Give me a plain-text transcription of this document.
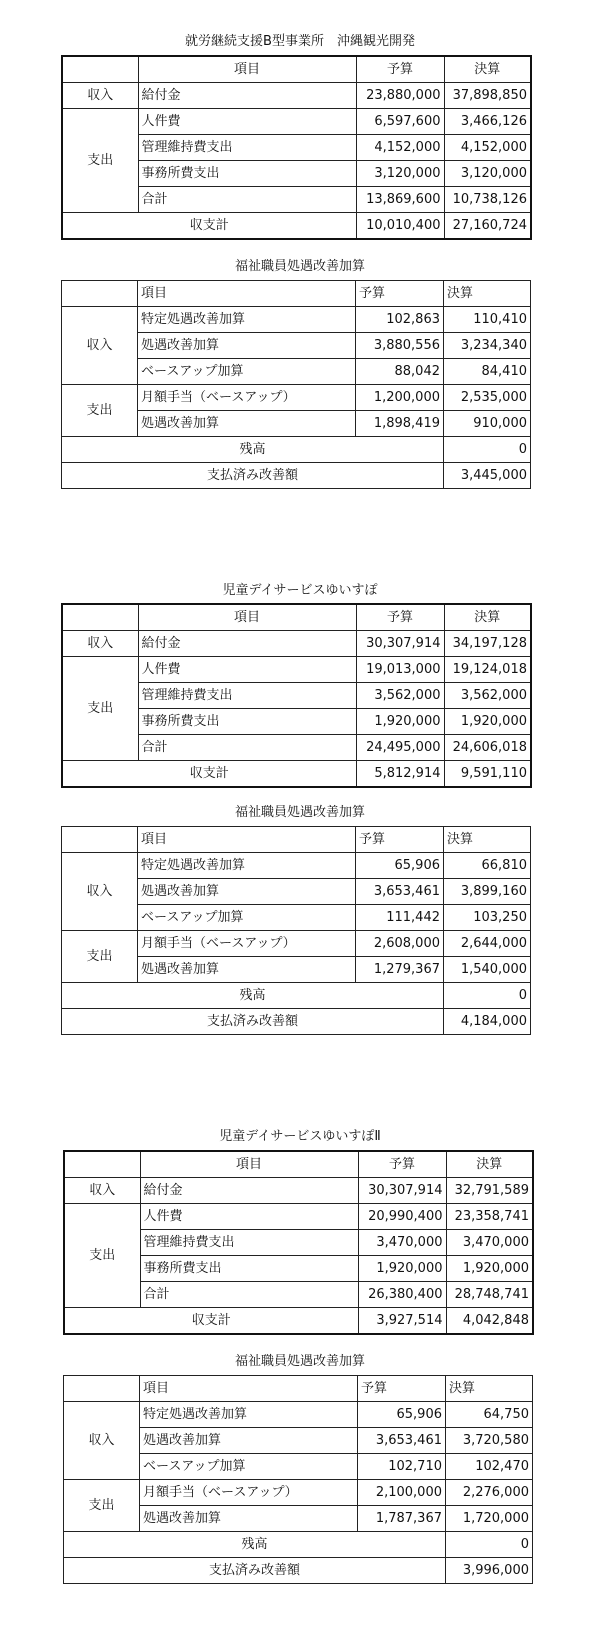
就労継続支援B型事業所　沖縄観光開発
	項目	予算	決算
収入	給付金	23,880,000	37,898,850
支出	人件費	6,597,600	3,466,126
	管理維持費支出	4,152,000	4,152,000
	事務所費支出	3,120,000	3,120,000
	合計	13,869,600	10,738,126
収支計		10,010,400	27,160,724
福祉職員処遇改善加算
	項目	予算	決算
収入	特定処遇改善加算	102,863	110,410
	処遇改善加算	3,880,556	3,234,340
	ベースアップ加算	88,042	84,410
支出	月額手当（ベースアップ）	1,200,000	2,535,000
	処遇改善加算	1,898,419	910,000
残高			0
支払済み改善額			3,445,000
児童デイサービスゆいすぽ
	項目	予算	決算
収入	給付金	30,307,914	34,197,128
支出	人件費	19,013,000	19,124,018
	管理維持費支出	3,562,000	3,562,000
	事務所費支出	1,920,000	1,920,000
	合計	24,495,000	24,606,018
収支計		5,812,914	9,591,110
福祉職員処遇改善加算
	項目	予算	決算
収入	特定処遇改善加算	65,906	66,810
	処遇改善加算	3,653,461	3,899,160
	ベースアップ加算	111,442	103,250
支出	月額手当（ベースアップ）	2,608,000	2,644,000
	処遇改善加算	1,279,367	1,540,000
残高			0
支払済み改善額			4,184,000
児童デイサービスゆいすぽⅡ
	項目	予算	決算
収入	給付金	30,307,914	32,791,589
支出	人件費	20,990,400	23,358,741
	管理維持費支出	3,470,000	3,470,000
	事務所費支出	1,920,000	1,920,000
	合計	26,380,400	28,748,741
収支計		3,927,514	4,042,848
福祉職員処遇改善加算
	項目	予算	決算
収入	特定処遇改善加算	65,906	64,750
	処遇改善加算	3,653,461	3,720,580
	ベースアップ加算	102,710	102,470
支出	月額手当（ベースアップ）	2,100,000	2,276,000
	処遇改善加算	1,787,367	1,720,000
残高			0
支払済み改善額			3,996,000
